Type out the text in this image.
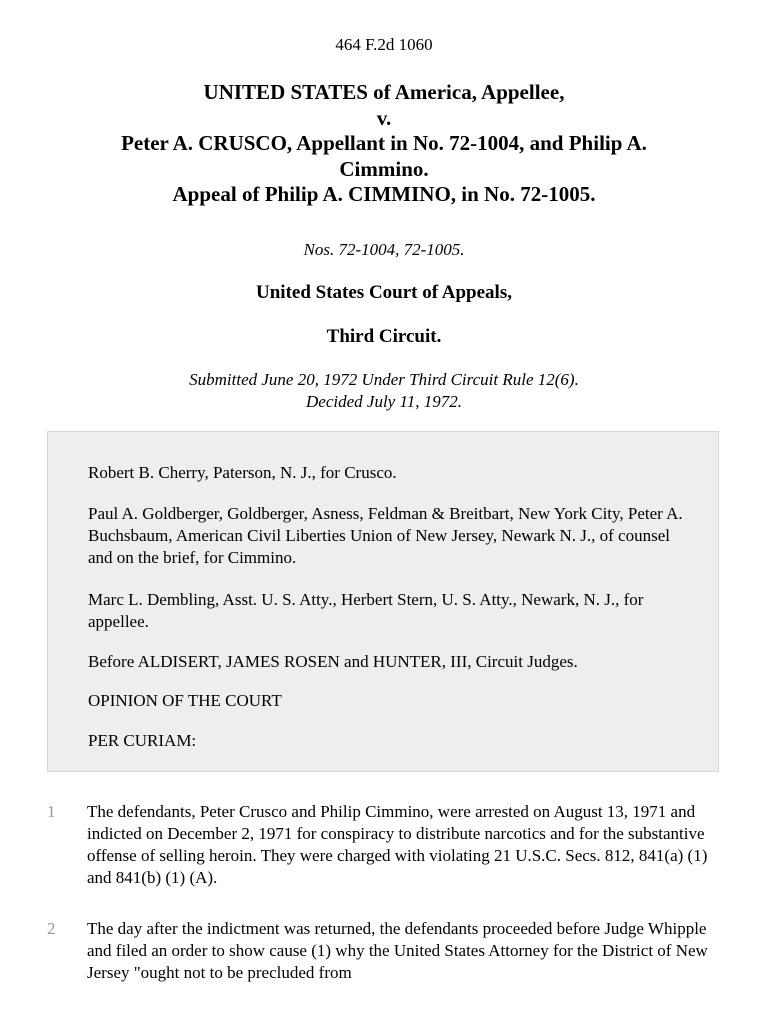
464 F.2d 1060
UNITED STATES of America, Appellee,
v.
Peter A. CRUSCO, Appellant in No. 72-1004, and Philip A.
Cimmino.
Appeal of Philip A. CIMMINO, in No. 72-1005.
Nos. 72-1004, 72-1005.
United States Court of Appeals,
Third Circuit.
Submitted June 20, 1972 Under Third Circuit Rule 12(6).
Decided July 11, 1972.

Robert B. Cherry, Paterson, N. J., for Crusco.

Paul A. Goldberger, Goldberger, Asness, Feldman & Breitbart, New York City, Peter A. Buchsbaum, American Civil Liberties Union of New Jersey, Newark N. J., of counsel and on the brief, for Cimmino.

Marc L. Dembling, Asst. U. S. Atty., Herbert Stern, U. S. Atty., Newark, N. J., for appellee.

Before ALDISERT, JAMES ROSEN and HUNTER, III, Circuit Judges.

OPINION OF THE COURT

PER CURIAM:

1 The defendants, Peter Crusco and Philip Cimmino, were arrested on August 13, 1971 and indicted on December 2, 1971 for conspiracy to distribute narcotics and for the substantive offense of selling heroin. They were charged with violating 21 U.S.C. Secs. 812, 841(a) (1) and 841(b) (1) (A).

2 The day after the indictment was returned, the defendants proceeded before Judge Whipple and filed an order to show cause (1) why the United States Attorney for the District of New Jersey "ought not to be precluded from
